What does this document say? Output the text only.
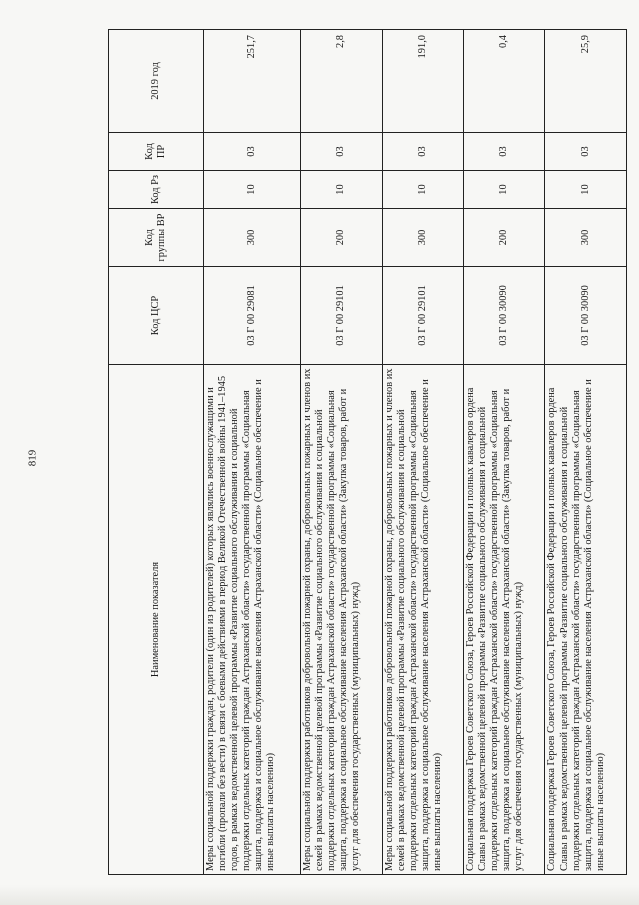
819
Наименование показателя	Код ЦСР	Код группы ВР	Код Рз	Код ПР	2019 год
Меры социальной поддержки граждан, родители (один из родителей) которых являлись военнослужащими и погибли (пропали без вести) в связи с боевыми действиями в период Великой Отечественной войны 1941–1945 годов, в рамках ведомственной целевой программы «Развитие социального обслуживания и социальной поддержки отдельных категорий граждан Астраханской области» государственной программы «Социальная защита, поддержка и социальное обслуживание населения Астраханской области» (Социальное обеспечение и иные выплаты населению)	03 Г 00 29081	300	10	03	251,7
Меры социальной поддержки работников добровольной пожарной охраны, добровольных пожарных и членов их семей в рамках ведомственной целевой программы «Развитие социального обслуживания и социальной поддержки отдельных категорий граждан Астраханской области» государственной программы «Социальная защита, поддержка и социальное обслуживание населения Астраханской области» (Закупка товаров, работ и услуг для обеспечения государственных (муниципальных) нужд)	03 Г 00 29101	200	10	03	2,8
Меры социальной поддержки работников добровольной пожарной охраны, добровольных пожарных и членов их семей в рамках ведомственной целевой программы «Развитие социального обслуживания и социальной поддержки отдельных категорий граждан Астраханской области» государственной программы «Социальная защита, поддержка и социальное обслуживание населения Астраханской области» (Социальное обеспечение и иные выплаты населению)	03 Г 00 29101	300	10	03	191,0
Социальная поддержка Героев Советского Союза, Героев Российской Федерации и полных кавалеров ордена Славы в рамках ведомственной целевой программы «Развитие социального обслуживания и социальной поддержки отдельных категорий граждан Астраханской области» государственной программы «Социальная защита, поддержка и социальное обслуживание населения Астраханской области» (Закупка товаров, работ и услуг для обеспечения государственных (муниципальных) нужд)	03 Г 00 30090	200	10	03	0,4
Социальная поддержка Героев Советского Союза, Героев Российской Федерации и полных кавалеров ордена Славы в рамках ведомственной целевой программы «Развитие социального обслуживания и социальной поддержки отдельных категорий граждан Астраханской области» государственной программы «Социальная защита, поддержка и социальное обслуживание населения Астраханской области» (Социальное обеспечение и иные выплаты населению)	03 Г 00 30090	300	10	03	25,9
